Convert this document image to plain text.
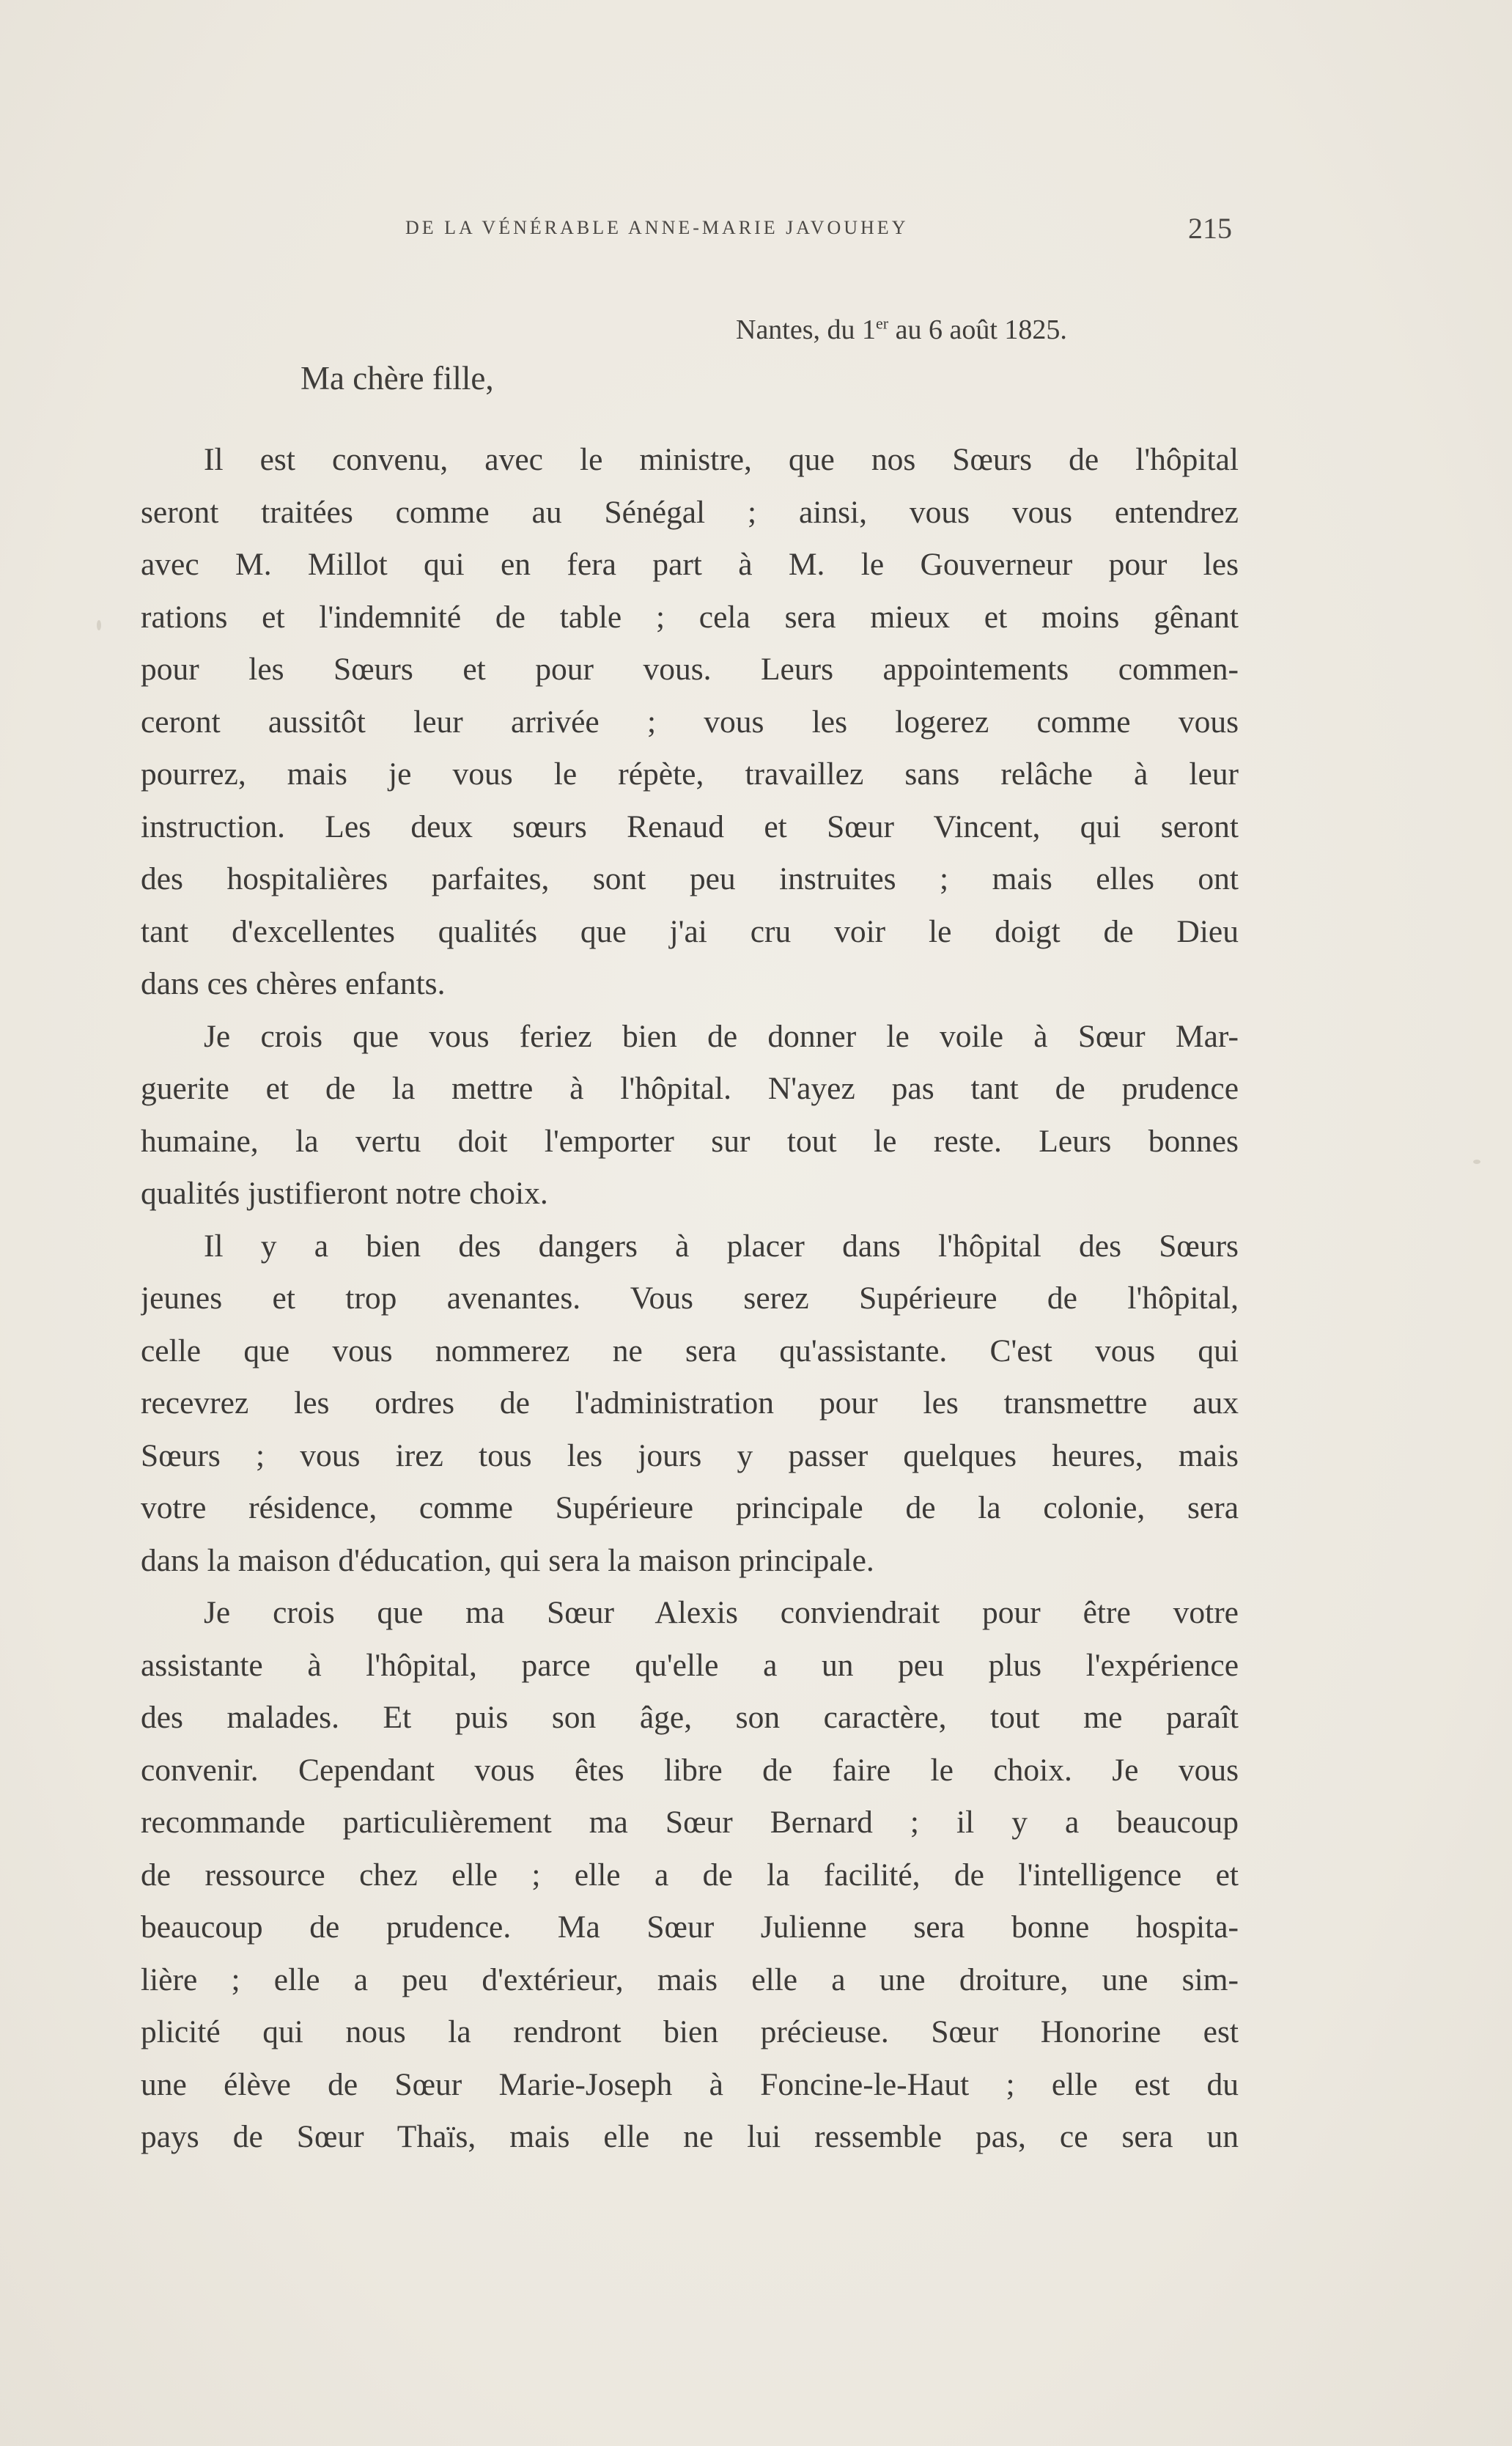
DE LA VÉNÉRABLE ANNE-MARIE JAVOUHEY	215
Nantes, du 1er au 6 août 1825.
Ma chère fille,
Il est convenu, avec le ministre, que nos Sœurs de l'hôpital
seront traitées comme au Sénégal ; ainsi, vous vous entendrez
avec M. Millot qui en fera part à M. le Gouverneur pour les
rations et l'indemnité de table ; cela sera mieux et moins gênant
pour les Sœurs et pour vous. Leurs appointements commen-
ceront aussitôt leur arrivée ; vous les logerez comme vous
pourrez, mais je vous le répète, travaillez sans relâche à leur
instruction. Les deux sœurs Renaud et Sœur Vincent, qui seront
des hospitalières parfaites, sont peu instruites ; mais elles ont
tant d'excellentes qualités que j'ai cru voir le doigt de Dieu
dans ces chères enfants.
Je crois que vous feriez bien de donner le voile à Sœur Mar-
guerite et de la mettre à l'hôpital. N'ayez pas tant de prudence
humaine, la vertu doit l'emporter sur tout le reste. Leurs bonnes
qualités justifieront notre choix.
Il y a bien des dangers à placer dans l'hôpital des Sœurs
jeunes et trop avenantes. Vous serez Supérieure de l'hôpital,
celle que vous nommerez ne sera qu'assistante. C'est vous qui
recevrez les ordres de l'administration pour les transmettre aux
Sœurs ; vous irez tous les jours y passer quelques heures, mais
votre résidence, comme Supérieure principale de la colonie, sera
dans la maison d'éducation, qui sera la maison principale.
Je crois que ma Sœur Alexis conviendrait pour être votre
assistante à l'hôpital, parce qu'elle a un peu plus l'expérience
des malades. Et puis son âge, son caractère, tout me paraît
convenir. Cependant vous êtes libre de faire le choix. Je vous
recommande particulièrement ma Sœur Bernard ; il y a beaucoup
de ressource chez elle ; elle a de la facilité, de l'intelligence et
beaucoup de prudence. Ma Sœur Julienne sera bonne hospita-
lière ; elle a peu d'extérieur, mais elle a une droiture, une sim-
plicité qui nous la rendront bien précieuse. Sœur Honorine est
une élève de Sœur Marie-Joseph à Foncine-le-Haut ; elle est du
pays de Sœur Thaïs, mais elle ne lui ressemble pas, ce sera un
